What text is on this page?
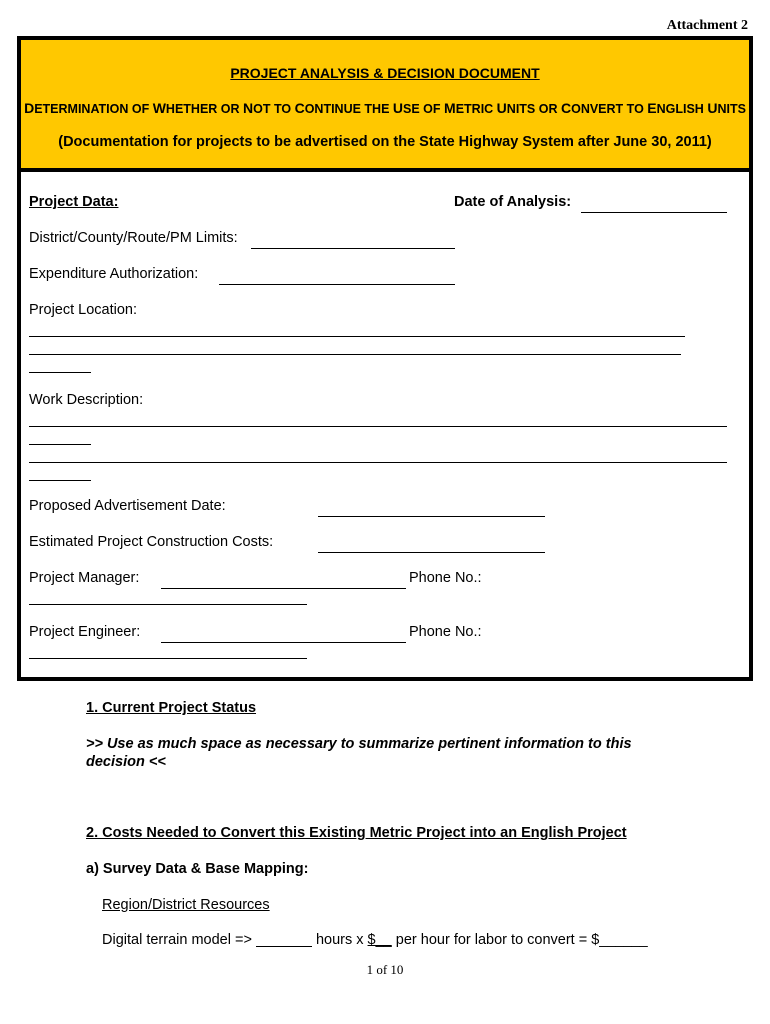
Attachment 2
PROJECT ANALYSIS & DECISION DOCUMENT
DETERMINATION OF WHETHER OR NOT TO CONTINUE THE USE OF METRIC UNITS OR CONVERT TO ENGLISH UNITS
(Documentation for projects to be advertised on the State Highway System after June 30, 2011)
Project Data:	Date of Analysis:
District/County/Route/PM Limits:
Expenditure Authorization:
Project Location:
Work Description:
Proposed Advertisement Date:
Estimated Project Construction Costs:
Project Manager:	Phone No.:
Project Engineer:	Phone No.:
1. Current Project Status
>> Use as much space as necessary to summarize pertinent information to this
decision <<
2. Costs Needed to Convert this Existing Metric Project into an English Project
a) Survey Data & Base Mapping:
Region/District Resources
Digital terrain model =>	hours x $__ per hour for labor to convert = $______
1 of 10
